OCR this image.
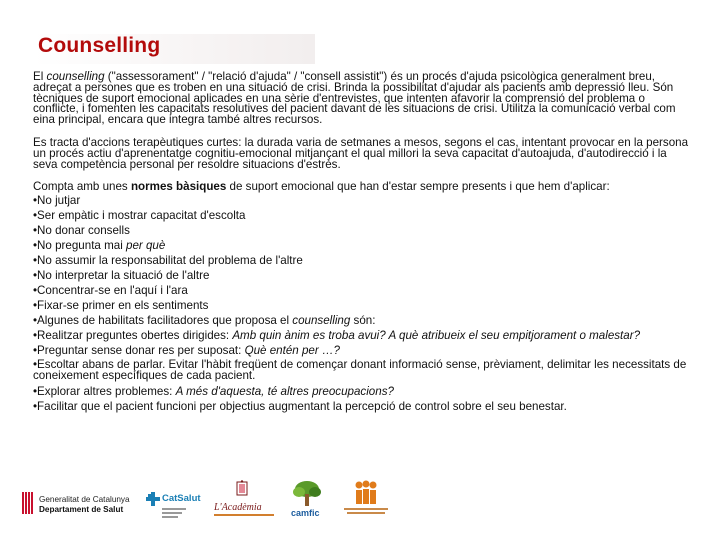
Counselling

El counselling ("assessorament" / "relació d'ajuda" / "consell assistit") és un procés d'ajuda psicològica generalment breu, adreçat a persones que es troben en una situació de crisi. Brinda la possibilitat d'ajudar als pacients amb depressió lleu. Són tècniques de suport emocional aplicades en una sèrie d'entrevistes, que intenten afavorir la comprensió del problema o conflicte, i fomenten les capacitats resolutives del pacient davant de les situacions de crisi. Utilitza la comunicació verbal com eina principal, encara que integra també altres recursos.

Es tracta d'accions terapèutiques curtes: la durada varia de setmanes a mesos, segons el cas, intentant provocar en la persona un procés actiu d'aprenentatge cognitiu-emocional mitjançant el qual millori la seva capacitat d'autoajuda, d'autodirecció i la seva competència personal per resoldre situacions d'estrès.

Compta amb unes normes bàsiques de suport emocional que han d'estar sempre presents i que hem d'aplicar:

•No jutjar
•Ser empàtic i mostrar capacitat d'escolta
•No donar consells
•No pregunta mai per què
•No assumir la responsabilitat del problema de l'altre
•No interpretar la situació de l'altre
•Concentrar-se en l'aquí i l'ara
•Fixar-se primer en els sentiments
•Algunes de habilitats facilitadores que proposa el counselling són:
•Realitzar preguntes obertes dirigides: Amb quin ànim es troba avui? A què atribueix el seu empitjorament o malestar?
•Preguntar sense donar res per suposat: Què entén per …?
•Escoltar abans de parlar. Evitar l'hàbit freqüent de començar donant informació sense, prèviament, delimitar les necessitats de coneixement específiques de cada pacient.
•Explorar altres problemes: A més d'aquesta, té altres preocupacions?
•Facilitar que el pacient funcioni per objectius augmentant la percepció de control sobre el seu benestar.
Generalitat de Catalunya
Departament de Salut
CatSalut
L'Acadèmia	camfic
